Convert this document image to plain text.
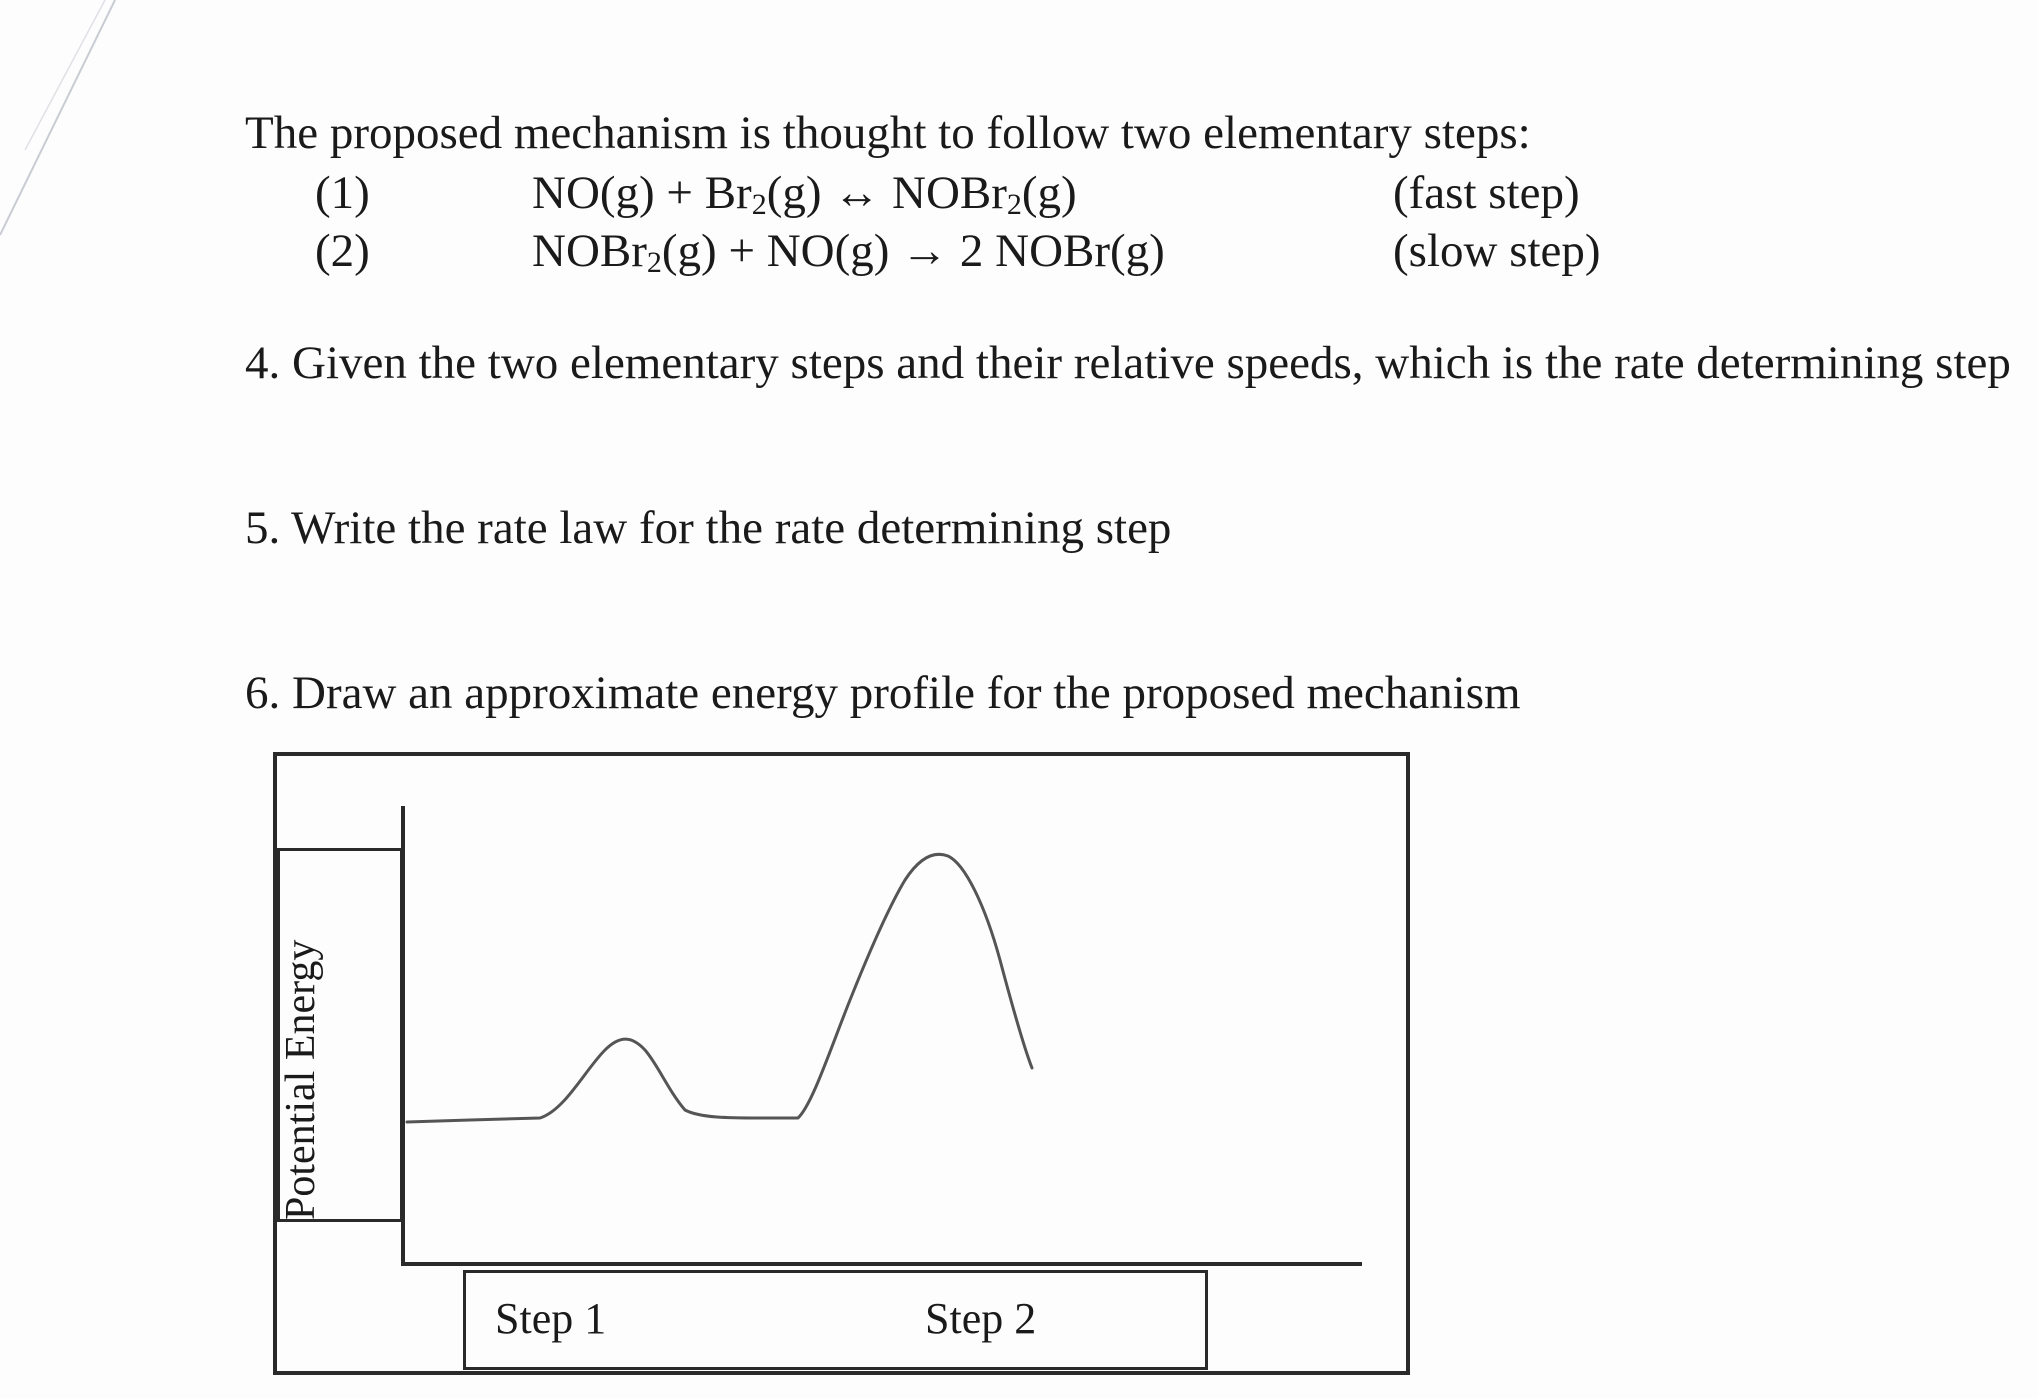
The proposed mechanism is thought to follow two elementary steps:
(1)	$NO(g) + Br_2(g)$ ↔ NOBr$_2$(g)	(fast step)
(2)	NOBr$_2$(g) + NO(g) → 2 NOBr(g)	(slow step)
4. Given the two elementary steps and their relative speeds, which is the rate determining step
5. Write the rate law for the rate determining step
6. Draw an approximate energy profile for the proposed mechanism
Potential Energy
Step 1	Step 2
